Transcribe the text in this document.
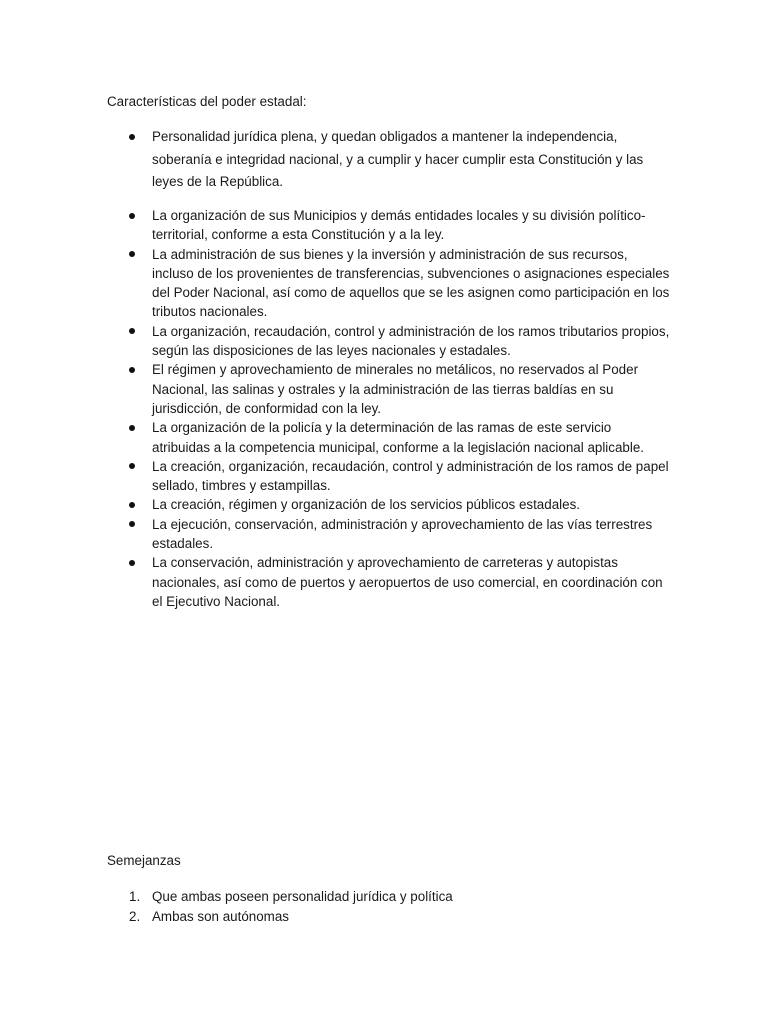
Características del poder estadal:
Personalidad jurídica plena, y quedan obligados a mantener la independencia, soberanía e integridad nacional, y a cumplir y hacer cumplir esta Constitución y las leyes de la República.
La organización de sus Municipios y demás entidades locales y su división político-territorial, conforme a esta Constitución y a la ley.
La administración de sus bienes y la inversión y administración de sus recursos, incluso de los provenientes de transferencias, subvenciones o asignaciones especiales del Poder Nacional, así como de aquellos que se les asignen como participación en los tributos nacionales.
La organización, recaudación, control y administración de los ramos tributarios propios, según las disposiciones de las leyes nacionales y estadales.
El régimen y aprovechamiento de minerales no metálicos, no reservados al Poder Nacional, las salinas y ostrales y la administración de las tierras baldías en su jurisdicción, de conformidad con la ley.
La organización de la policía y la determinación de las ramas de este servicio atribuidas a la competencia municipal, conforme a la legislación nacional aplicable.
La creación, organización, recaudación, control y administración de los ramos de papel sellado, timbres y estampillas.
La creación, régimen y organización de los servicios públicos estadales.
La ejecución, conservación, administración y aprovechamiento de las vías terrestres estadales.
La conservación, administración y aprovechamiento de carreteras y autopistas nacionales, así como de puertos y aeropuertos de uso comercial, en coordinación con el Ejecutivo Nacional.
Semejanzas
1. Que ambas poseen personalidad jurídica y política
2. Ambas son autónomas
